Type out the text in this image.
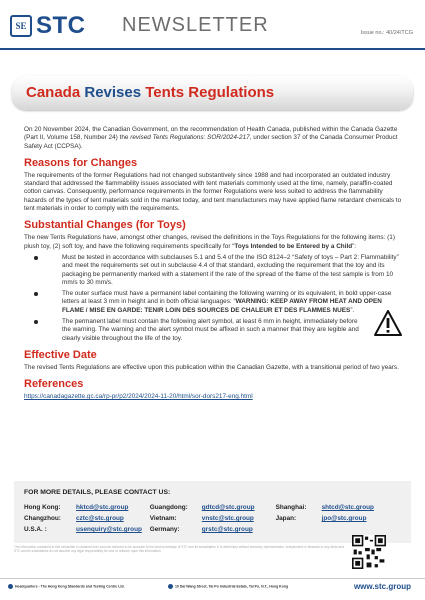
SE STC NEWSLETTER	Issue no.: 40/24/TCG
Canada Revises Tents Regulations

On 20 November 2024, the Canadian Government, on the recommendation of Health Canada, published within the Canada Gazette (Part II, Volume 158, Number 24) the revised Tents Regulations: SOR/2024-217, under section 37 of the Canada Consumer Product Safety Act (CCPSA).

Reasons for Changes

The requirements of the former Regulations had not changed substantively since 1988 and had incorporated an outdated industry standard that addressed the flammability issues associated with tent materials commonly used at the time, namely, paraffin-coated cotton canvas. Consequently, performance requirements in the former Regulations were less suited to address the flammability hazards of the types of tent materials sold in the market today, and tent manufacturers may have applied flame retardant chemicals to tent materials in order to comply with the requirements.

Substantial Changes (for Toys)

The new Tents Regulations have, amongst other changes, revised the definitions in the Toys Regulations for the following items: (1) plush toy, (2) soft toy, and have the following requirements specifically for “Toys Intended to be Entered by a Child”:

Must be tested in accordance with subclauses 5.1 and 5.4 of the the ISO 8124–2 “Safety of toys – Part 2: Flammability” and meet the requirements set out in subclause 4.4 of that standard, excluding the requirement that the toy and its packaging be permanently marked with a statement if the rate of the spread of the flame of the test sample is from 10 mm/s to 30 mm/s.
The outer surface must have a permanent label containing the following warning or its equivalent, in bold upper-case letters at least 3 mm in height and in both official languages: “WARNING: KEEP AWAY FROM HEAT AND OPEN FLAME / MISE EN GARDE: TENIR LOIN DES SOURCES DE CHALEUR ET DES FLAMMES NUES”.
The permanent label must contain the following alert symbol, at least 6 mm in height, immediately before the warning. The warning and the alert symbol must be affixed in such a manner that they are legible and clearly visible throughout the life of the toy.
Effective Date

The revised Tents Regulations are effective upon this publication within the Canadian Gazette, with a transitional period of two years.

References

https://canadagazette.gc.ca/rp-pr/p2/2024/2024-11-20/html/sor-dors217-eng.html

FOR MORE DETAILS, PLEASE CONTACT US:
Hong Kong: hktcd@stc.group	Guangdong: gdtcd@stc.group	Shanghai: shtcd@stc.group
Changzhou: cztc@stc.group	Vietnam:	vnstc@stc.group	Japan:	jpo@stc.group
U.S.A. :	usenquiry@stc.group Germany:	grstc@stc.group
The information contained in this newsletter is obtained from sources believed to be accurate to the best knowledge of STC and its subsidiaries. It is distributed without warranty, representation, independent or financial or any kinds and STC and its subsidiaries do not assume any legal responsibility for loss or reliance upon this information.
Headquarters - The Hong Kong Standards and Testing Centre Ltd.	10 Dai Wang Street, Tai Po Industrial Estate, Tai Po, N.T., Hong Kong	www.stc.group
